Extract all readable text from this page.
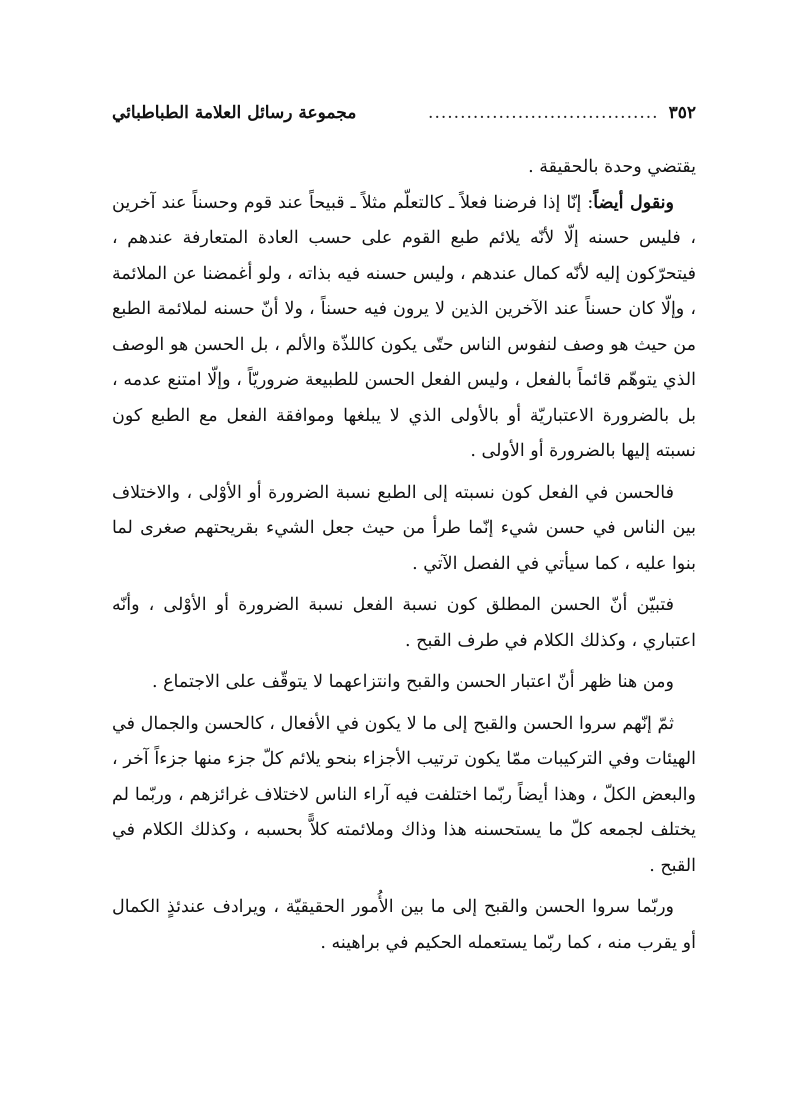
٣٥٢
....................................
مجموعة رسائل العلامة الطباطبائي

يقتضي وحدة بالحقيقة .

ونقول أيضاً: إنّا إذا فرضنا فعلاً ـ كالتعلّم مثلاً ـ قبيحاً عند قوم وحسناً عند آخرين ، فليس حسنه إلّا لأنّه يلائم طبع القوم على حسب العادة المتعارفة عندهم ، فيتحرّكون إليه لأنّه كمال عندهم ، وليس حسنه فيه بذاته ، ولو أغمضنا عن الملائمة ، وإلّا كان حسناً عند الآخرين الذين لا يرون فيه حسناً ، ولا أنّ حسنه لملائمة الطبع من حيث هو وصف لنفوس الناس حتّى يكون كاللذّة والألم ، بل الحسن هو الوصف الذي يتوهّم قائماً بالفعل ، وليس الفعل الحسن للطبيعة ضروريّاً ، وإلّا امتنع عدمه ، بل بالضرورة الاعتباريّة أو بالأولى الذي لا يبلغها وموافقة الفعل مع الطبع كون نسبته إليها بالضرورة أو الأولى .

فالحسن في الفعل كون نسبته إلى الطبع نسبة الضرورة أو الأوْلى ، والاختلاف بين الناس في حسن شيء إنّما طرأ من حيث جعل الشيء بقريحتهم صغرى لما بنوا عليه ، كما سيأتي في الفصل الآتي .

فتبيّن أنّ الحسن المطلق كون نسبة الفعل نسبة الضرورة أو الأوْلى ، وأنّه اعتباري ، وكذلك الكلام في طرف القبح .

ومن هنا ظهر أنّ اعتبار الحسن والقبح وانتزاعهما لا يتوقّف على الاجتماع .

ثمّ إنّهم سروا الحسن والقبح إلى ما لا يكون في الأفعال ، كالحسن والجمال في الهيئات وفي التركيبات ممّا يكون ترتيب الأجزاء بنحو يلائم كلّ جزء منها جزءاً آخر ، والبعض الكلّ ، وهذا أيضاً ربّما اختلفت فيه آراء الناس لاختلاف غرائزهم ، وربّما لم يختلف لجمعه كلّ ما يستحسنه هذا وذاك وملائمته كلاًّ بحسبه ، وكذلك الكلام في القبح .

وربّما سروا الحسن والقبح إلى ما بين الأُمور الحقيقيّة ، ويرادف عندئذٍ الكمال أو يقرب منه ، كما ربّما يستعمله الحكيم في براهينه .
